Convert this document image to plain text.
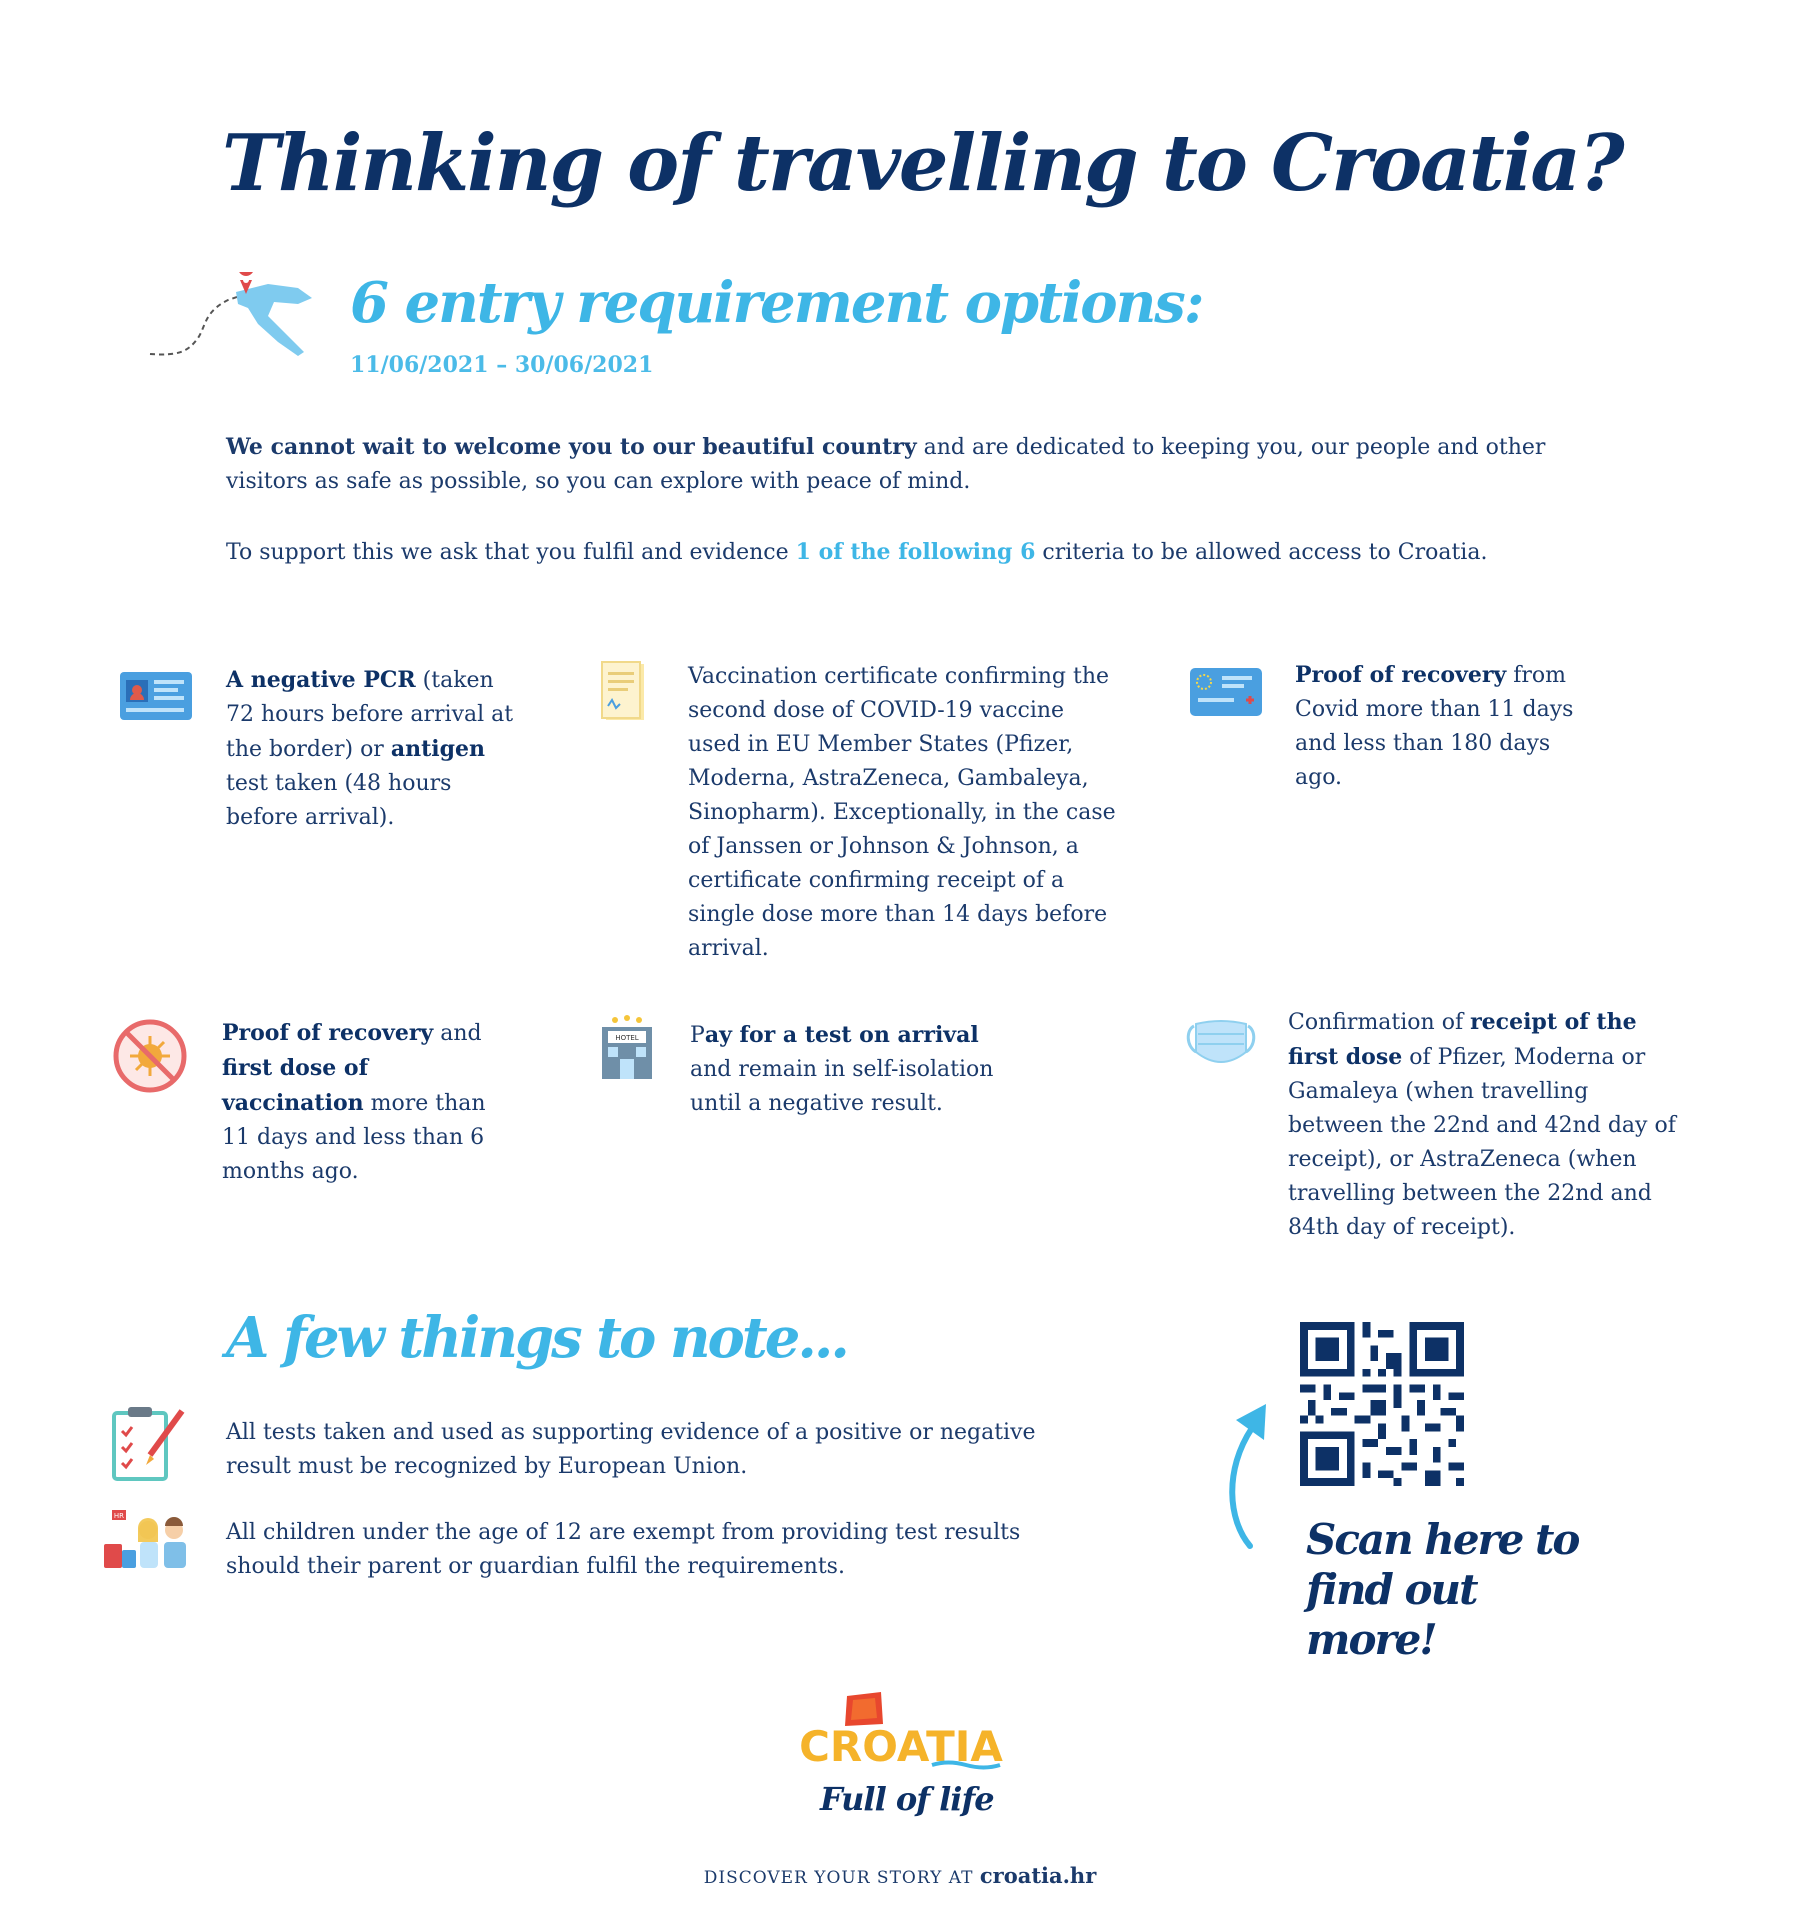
Thinking of travelling to Croatia?
6 entry requirement options:
11/06/2021 – 30/06/2021

We cannot wait to welcome you to our beautiful country and are dedicated to keeping you, our people and other visitors as safe as possible, so you can explore with peace of mind.

To support this we ask that you fulfil and evidence 1 of the following 6 criteria to be allowed access to Croatia.

A negative PCR (taken 72 hours before arrival at the border) or antigen test taken (48 hours before arrival).
Vaccination certificate confirming the second dose of COVID-19 vaccine used in EU Member States (Pfizer, Moderna, AstraZeneca, Gambaleya, Sinopharm). Exceptionally, in the case of Janssen or Johnson & Johnson, a certificate confirming receipt of a single dose more than 14 days before arrival.
Proof of recovery from Covid more than 11 days and less than 180 days ago.
Proof of recovery and first dose of vaccination more than 11 days and less than 6 months ago.
HOTEL Pay for a test on arrival and remain in self-isolation until a negative result.
Confirmation of receipt of the first dose of Pfizer, Moderna or Gamaleya (when travelling between the 22nd and 42nd day of receipt), or AstraZeneca (when travelling between the 22nd and 84th day of receipt).
A few things to note...
All tests taken and used as supporting evidence of a positive or negative result must be recognized by European Union.
HR
All children under the age of 12 are exempt from providing test results should their parent or guardian fulfil the requirements.
Scan here to
find out more!
CROATIA
Full of life
DISCOVER YOUR STORY AT croatia.hr
